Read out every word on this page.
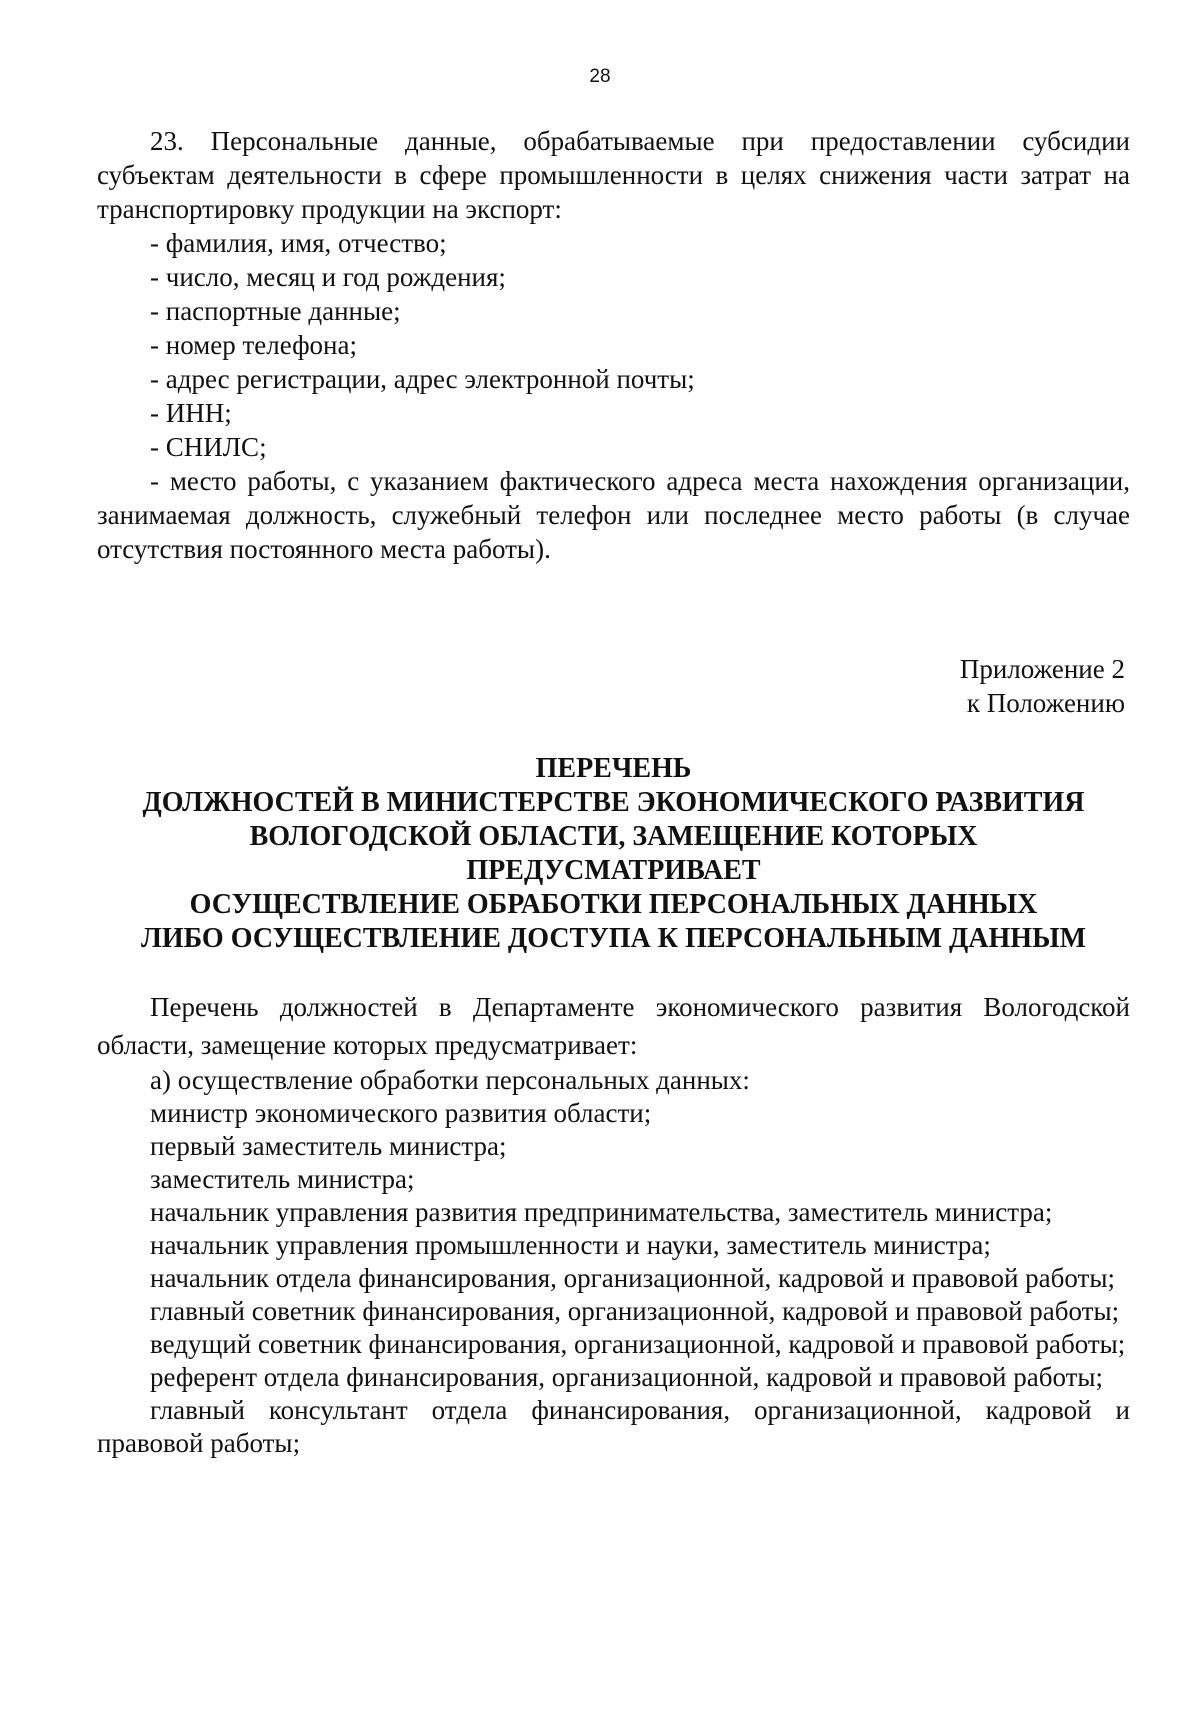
28

23. Персональные данные, обрабатываемые при предоставлении субсидии субъектам деятельности в сфере промышленности в целях снижения части затрат на транспортировку продукции на экспорт:

- фамилия, имя, отчество;

- число, месяц и год рождения;

- паспортные данные;

- номер телефона;

- адрес регистрации, адрес электронной почты;

- ИНН;

- СНИЛС;

- место работы, с указанием фактического адреса места нахождения организации, занимаемая должность, служебный телефон или последнее место работы (в случае отсутствия постоянного места работы).

Приложение 2

к Положению

ПЕРЕЧЕНЬ

ДОЛЖНОСТЕЙ В МИНИСТЕРСТВЕ ЭКОНОМИЧЕСКОГО РАЗВИТИЯ

ВОЛОГОДСКОЙ ОБЛАСТИ, ЗАМЕЩЕНИЕ КОТОРЫХ

ПРЕДУСМАТРИВАЕТ

ОСУЩЕСТВЛЕНИЕ ОБРАБОТКИ ПЕРСОНАЛЬНЫХ ДАННЫХ

ЛИБО ОСУЩЕСТВЛЕНИЕ ДОСТУПА К ПЕРСОНАЛЬНЫМ ДАННЫМ

Перечень должностей в Департаменте экономического развития Вологодской области, замещение которых предусматривает:

а) осуществление обработки персональных данных:

министр экономического развития области;

первый заместитель министра;

заместитель министра;

начальник управления развития предпринимательства, заместитель министра;

начальник управления промышленности и науки, заместитель министра;

начальник отдела финансирования, организационной, кадровой и правовой работы;

главный советник финансирования, организационной, кадровой и правовой работы;

ведущий советник финансирования, организационной, кадровой и правовой работы;

референт отдела финансирования, организационной, кадровой и правовой работы;

главный консультант отдела финансирования, организационной, кадровой и правовой работы;
